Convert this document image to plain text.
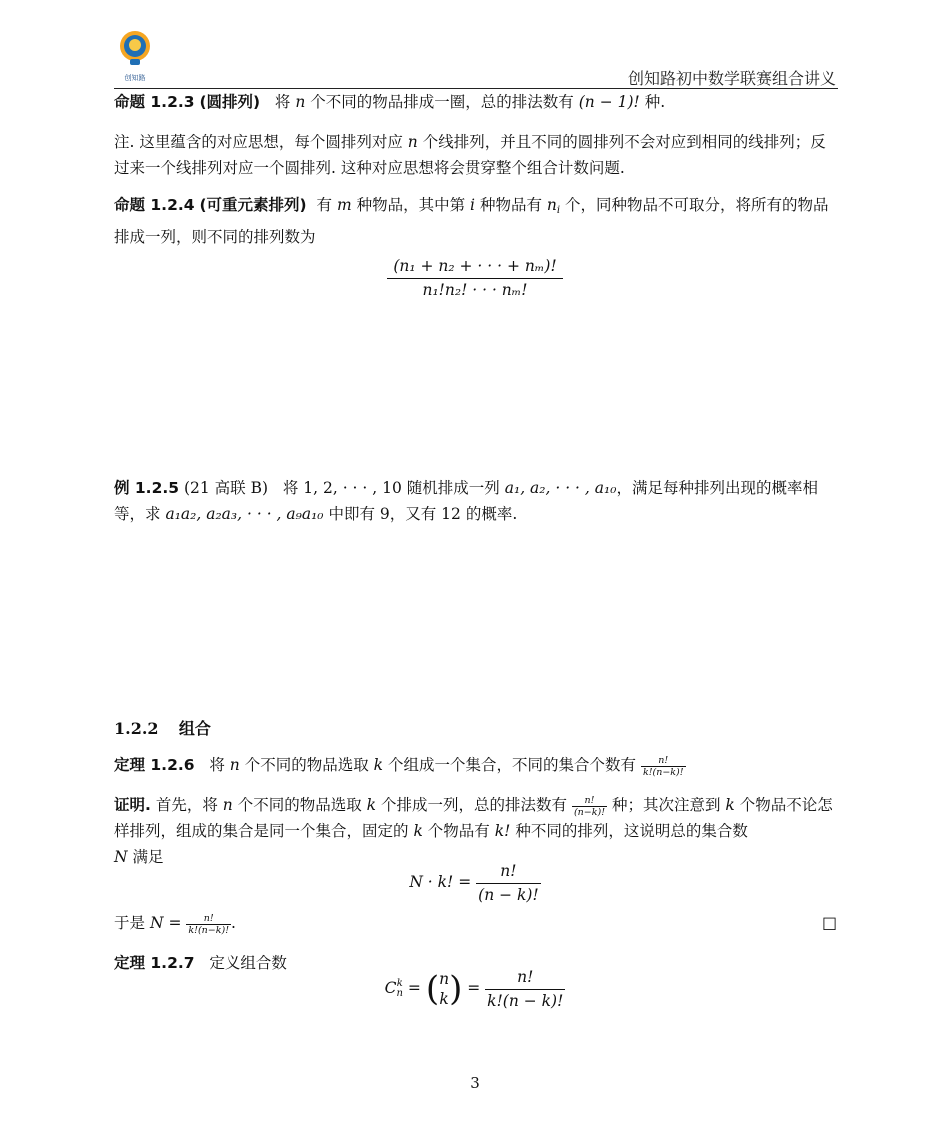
创知路	创知路初中数学联赛组合讲义
命题 1.2.3 (圆排列) 将 n 个不同的物品排成一圈，总的排法数有 (n − 1)! 种.
注. 这里蕴含的对应思想，每个圆排列对应 n 个线排列，并且不同的圆排列不会对应到相同的线排列；反过来一个线排列对应一个圆排列. 这种对应思想将会贯穿整个组合计数问题.
命题 1.2.4 (可重元素排列) 有 m 种物品，其中第 i 种物品有 $n_i$ 个，同种物品不可取分，将所有的物品排成一列，则不同的排列数为
$\frac{\text{(n₁ + n₂ + · · · + nₘ)!}}{\text{n₁!n₂! · · · nₘ!}}$
例 1.2.5 (21 高联 B) 将 1, 2, · · · , 10 随机排成一列 a₁, a₂, · · · , a₁₀，满足每种排列出现的概率相等，求 a₁a₂, a₂a₃, · · · , a₉a₁₀ 中即有 9，又有 12 的概率.
1.2.2 组合
定理 1.2.6 将 n 个不同的物品选取 k 个组成一个集合，不同的集合个数有 $\frac{n!}{k!(n-k)!}$
证明. 首先，将 n 个不同的物品选取 k 个排成一列，总的排法数有 $\frac{n!}{(n-k)!}$ 种；其次注意到 k 个物品不论怎样排列，组成的集合是同一个集合，固定的 k 个物品有 k! 种不同的排列，这说明总的集合数
N 满足
N · k! = $\frac{n!}{(n - k)!}$
于是 $N = \frac{n!}{k!(n-k)!}$ .	□
定理 1.2.7 定义组合数
C k
n = ( n
k ) = $\frac{n!}{k!(n - k)!}$
3
